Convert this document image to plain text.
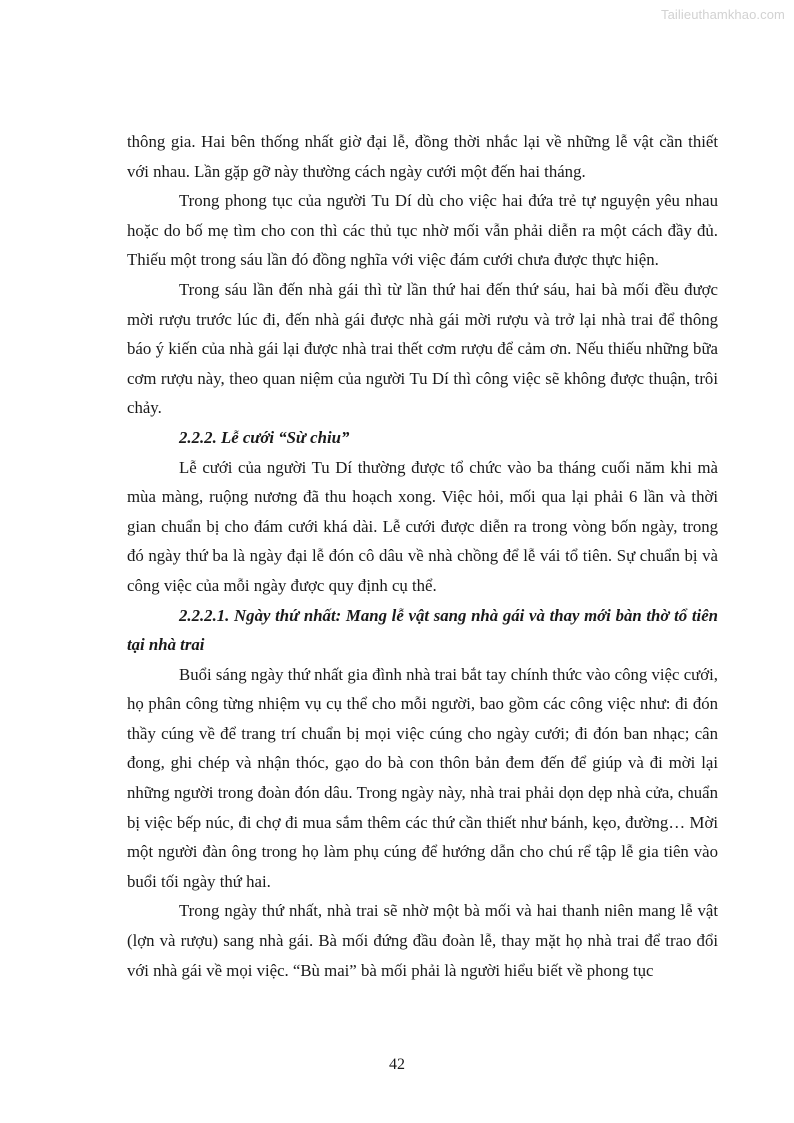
Tailieuthamkhao.com

thông gia. Hai bên thống nhất giờ đại lễ, đồng thời nhắc lại về những lễ vật cần thiết với nhau. Lần gặp gỡ này thường cách ngày cưới một đến hai tháng.

Trong phong tục của người Tu Dí dù cho việc hai đứa trẻ tự nguyện yêu nhau hoặc do bố mẹ tìm cho con thì các thủ tục nhờ mối vẫn phải diễn ra một cách đầy đủ. Thiếu một trong sáu lần đó đồng nghĩa với việc đám cưới chưa được thực hiện.

Trong sáu lần đến nhà gái thì từ lần thứ hai đến thứ sáu, hai bà mối đều được mời rượu trước lúc đi, đến nhà gái được nhà gái mời rượu và trở lại nhà trai để thông báo ý kiến của nhà gái lại được nhà trai thết cơm rượu để cảm ơn. Nếu thiếu những bữa cơm rượu này, theo quan niệm của người Tu Dí thì công việc sẽ không được thuận, trôi chảy.

2.2.2. Lễ cưới “Sừ chiu”

Lễ cưới của người Tu Dí thường được tổ chức vào ba tháng cuối năm khi mà mùa màng, ruộng nương đã thu hoạch xong. Việc hỏi, mối qua lại phải 6 lần và thời gian chuẩn bị cho đám cưới khá dài. Lễ cưới được diễn ra trong vòng bốn ngày, trong đó ngày thứ ba là ngày đại lễ đón cô dâu về nhà chồng để lễ vái tổ tiên. Sự chuẩn bị và công việc của mỗi ngày được quy định cụ thể.

2.2.2.1. Ngày thứ nhất: Mang lễ vật sang nhà gái và thay mới bàn thờ tổ tiên tại nhà trai

Buổi sáng ngày thứ nhất gia đình nhà trai bắt tay chính thức vào công việc cưới, họ phân công từng nhiệm vụ cụ thể cho mỗi người, bao gồm các công việc như: đi đón thầy cúng về để trang trí chuẩn bị mọi việc cúng cho ngày cưới; đi đón ban nhạc; cân đong, ghi chép và nhận thóc, gạo do bà con thôn bản đem đến để giúp và đi mời lại những người trong đoàn đón dâu. Trong ngày này, nhà trai phải dọn dẹp nhà cửa, chuẩn bị việc bếp núc, đi chợ đi mua sắm thêm các thứ cần thiết như bánh, kẹo, đường… Mời một người đàn ông trong họ làm phụ cúng để hướng dẫn cho chú rể tập lễ gia tiên vào buổi tối ngày thứ hai.

Trong ngày thứ nhất, nhà trai sẽ nhờ một bà mối và hai thanh niên mang lễ vật (lợn và rượu) sang nhà gái. Bà mối đứng đầu đoàn lễ, thay mặt họ nhà trai để trao đổi với nhà gái về mọi việc. “Bù mai” bà mối phải là người hiểu biết về phong tục

42
